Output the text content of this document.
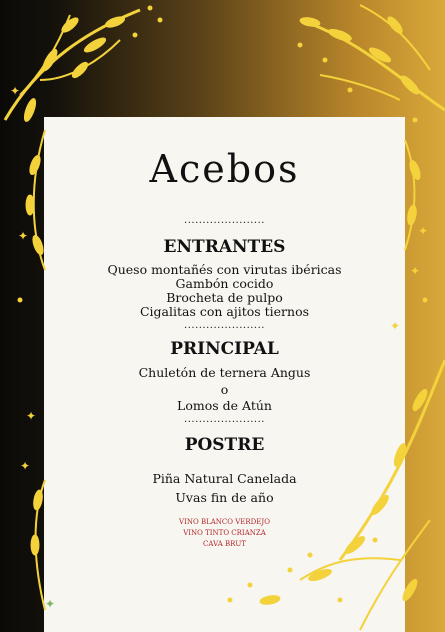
Acebos
......................
ENTRANTES
Queso montañés con virutas ibéricas
Gambón cocido
Brocheta de pulpo
Cigalitas con ajitos tiernos
......................
PRINCIPAL
Chuletón de ternera Angus
o
Lomos de Atún
......................
POSTRE
Piña Natural Canelada
Uvas fin de año
VINO BLANCO VERDEJO
VINO TINTO CRIANZA
CAVA BRUT
✦
✦
✦
✦
✦
✦
✦
✦
